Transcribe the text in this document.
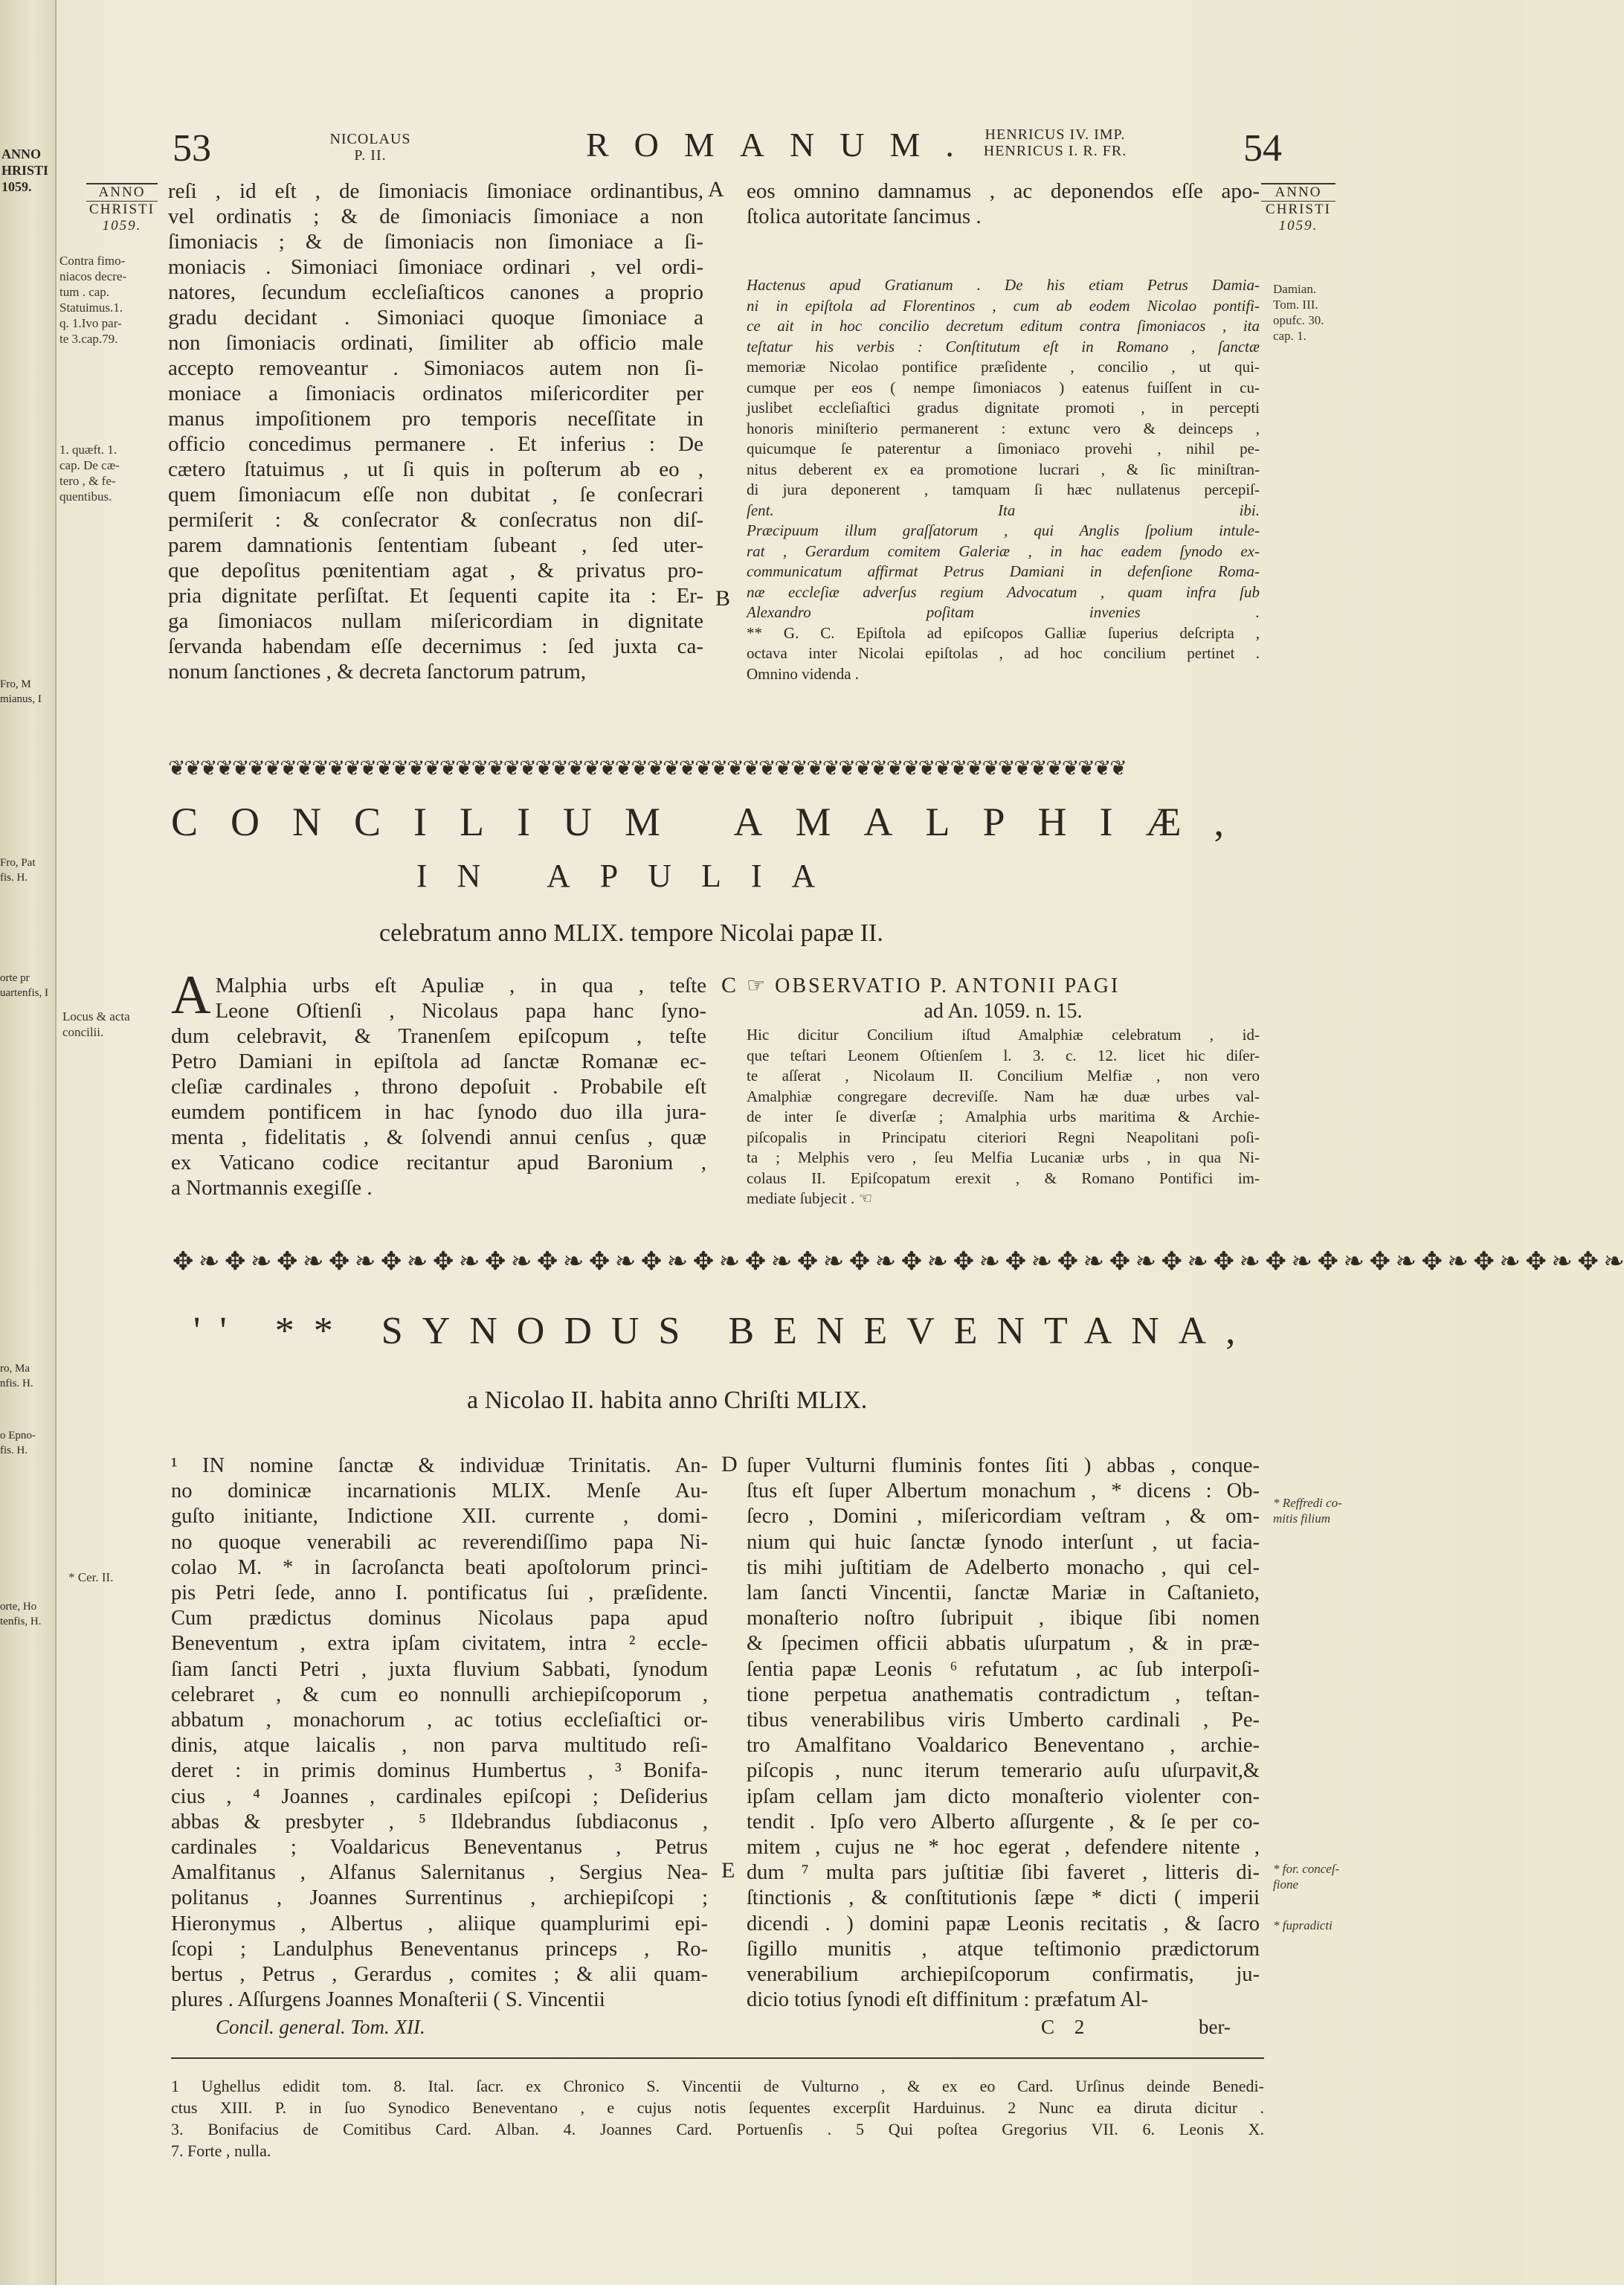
ANNO
HRISTI
1059.
Fro, M
mianus, I
Fro, Pat
fis. H.
orte pr
uartenfis, I
ro, Ma
nfis. H.
o Epno-
fis. H.
orte, Ho
tenfis, H.
53	NICOLAUS
P. II.	ROMANUM. HENRICUS IV. IMP.
HENRICUS I. R. FR.	54
ANNO
CHRISTI
1059.
ANNO
CHRISTI
1059.
Contra fimo-
niacos decre-
tum . cap.
Statuimus.1.
q. 1.Ivo par-
te 3.cap.79.
1. quæft. 1.
cap. De cæ-
tero , & fe-
quentibus.
Locus & acta
concilii.
* Cer. II.
Damian.
Tom. III.
opufc. 30.
cap. 1.
* Reffredi co-
mitis filium
* for. conceſ-
fione
* fupradicti
A
B
C
D
E
reſi , id eſt , de ſimoniacis ſimoniace ordinantibus,
vel ordinatis ; & de ſimoniacis ſimoniace a non
ſimoniacis ; & de ſimoniacis non ſimoniace a ſi-
moniacis . Simoniaci ſimoniace ordinari , vel ordi-
natores, ſecundum eccleſiaſticos canones a proprio
gradu decidant . Simoniaci quoque ſimoniace a
non ſimoniacis ordinati, ſimiliter ab officio male
accepto removeantur . Simoniacos autem non ſi-
moniace a ſimoniacis ordinatos miſericorditer per
manus impoſitionem pro temporis neceſſitate in
officio concedimus permanere . Et inferius : De
cætero ſtatuimus , ut ſi quis in poſterum ab eo ,
quem ſimoniacum eſſe non dubitat , ſe conſecrari
permiſerit : & conſecrator & conſecratus non diſ-
parem damnationis ſententiam ſubeant , ſed uter-
que depoſitus pœnitentiam agat , & privatus pro-
pria dignitate perſiſtat. Et ſequenti capite ita : Er-
ga ſimoniacos nullam miſericordiam in dignitate
ſervanda habendam eſſe decernimus : ſed juxta ca-
nonum ſanctiones , & decreta ſanctorum patrum,
eos omnino damnamus , ac deponendos eſſe apo-
ſtolica autoritate ſancimus .
Hactenus apud Gratianum . De his etiam Petrus Damia-
ni in epiſtola ad Florentinos , cum ab eodem Nicolao pontifi-
ce ait in hoc concilio decretum editum contra ſimoniacos , ita
teſtatur his verbis : Conſtitutum eſt in Romano , ſanctæ
memoriæ Nicolao pontifice præſidente , concilio , ut qui-
cumque per eos ( nempe ſimoniacos ) eatenus fuiſſent in cu-
juslibet eccleſiaſtici gradus dignitate promoti , in percepti
honoris miniſterio permanerent : extunc vero & deinceps ,
quicumque ſe paterentur a ſimoniaco provehi , nihil pe-
nitus deberent ex ea promotione lucrari , & ſic miniſtran-
di jura deponerent , tamquam ſi hæc nullatenus percepiſ-
ſent. Ita ibi.
Præcipuum illum graſſatorum , qui Anglis ſpolium intule-
rat , Gerardum comitem Galeriæ , in hac eadem ſynodo ex-
communicatum affirmat Petrus Damiani in defenſione Roma-
næ eccleſiæ adverſus regium Advocatum , quam infra ſub
Alexandro poſitam invenies .
** G. C. Epiſtola ad epiſcopos Galliæ ſuperius deſcripta ,
octava inter Nicolai epiſtolas , ad hoc concilium pertinet .
Omnino videnda .
❦❦❦❦❦❦❦❦❦❦❦❦❦❦❦❦❦❦❦❦❦❦❦❦❦❦❦❦❦❦❦❦❦❦❦❦❦❦❦❦❦❦❦❦❦❦❦❦❦❦❦❦❦❦❦❦❦❦❦❦
CONCILIUM AMALPHIÆ,
IN APULIA
celebratum anno MLIX. tempore Nicolai papæ II.
A Malphia urbs eſt Apuliæ , in qua , teſte
Leone Oſtienſi , Nicolaus papa hanc ſyno-
dum celebravit, & Tranenſem epiſcopum , teſte
Petro Damiani in epiſtola ad ſanctæ Romanæ ec-
cleſiæ cardinales , throno depoſuit . Probabile eſt
eumdem pontificem in hac ſynodo duo illa jura-
menta , fidelitatis , & ſolvendi annui cenſus , quæ
ex Vaticano codice recitantur apud Baronium ,
a Nortmannis exegiſſe .
☞ OBSERVATIO P. ANTONII PAGI
ad An. 1059. n. 15.
Hic dicitur Concilium iſtud Amalphiæ celebratum , id-
que teſtari Leonem Oſtienſem l. 3. c. 12. licet hic diſer-
te aſſerat , Nicolaum II. Concilium Melfiæ , non vero
Amalphiæ congregare decreviſſe. Nam hæ duæ urbes val-
de inter ſe diverſæ ; Amalphia urbs maritima & Archie-
piſcopalis in Principatu citeriori Regni Neapolitani poſi-
ta ; Melphis vero , ſeu Melfia Lucaniæ urbs , in qua Ni-
colaus II. Epiſcopatum erexit , & Romano Pontifici im-
mediate ſubjecit . ☜
✥ ❧ ✥ ❧ ✥ ❧ ✥ ❧ ✥ ❧ ✥ ❧ ✥ ❧ ✥ ❧ ✥ ❧ ✥ ❧ ✥ ❧ ✥ ❧ ✥ ❧ ✥ ❧ ✥ ❧ ✥ ❧ ✥ ❧ ✥ ❧ ✥ ❧ ✥ ❧ ✥ ❧ ✥ ❧ ✥ ❧ ✥ ❧ ✥ ❧ ✥ ❧ ✥ ❧ ✥ ❧
'' ** SYNODUS BENEVENTANA,
a Nicolao II. habita anno Chriſti MLIX.
¹ IN nomine ſanctæ & individuæ Trinitatis. An-
no dominicæ incarnationis MLIX. Menſe Au-
guſto initiante, Indictione XII. currente , domi-
no quoque venerabili ac reverendiſſimo papa Ni-
colao M. * in ſacroſancta beati apoſtolorum princi-
pis Petri ſede, anno I. pontificatus ſui , præſidente.
Cum prædictus dominus Nicolaus papa apud
Beneventum , extra ipſam civitatem, intra ² eccle-
ſiam ſancti Petri , juxta fluvium Sabbati, ſynodum
celebraret , & cum eo nonnulli archiepiſcoporum ,
abbatum , monachorum , ac totius eccleſiaſtici or-
dinis, atque laicalis , non parva multitudo reſi-
deret : in primis dominus Humbertus , ³ Bonifa-
cius , ⁴ Joannes , cardinales epiſcopi ; Deſiderius
abbas & presbyter , ⁵ Ildebrandus ſubdiaconus ,
cardinales ; Voaldaricus Beneventanus , Petrus
Amalfitanus , Alfanus Salernitanus , Sergius Nea-
politanus , Joannes Surrentinus , archiepiſcopi ;
Hieronymus , Albertus , aliique quamplurimi epi-
ſcopi ; Landulphus Beneventanus princeps , Ro-
bertus , Petrus , Gerardus , comites ; & alii quam-
plures . Aſſurgens Joannes Monaſterii ( S. Vincentii
ſuper Vulturni fluminis fontes ſiti ) abbas , conque-
ſtus eſt ſuper Albertum monachum , * dicens : Ob-
ſecro , Domini , miſericordiam veſtram , & om-
nium qui huic ſanctæ ſynodo interſunt , ut facia-
tis mihi juſtitiam de Adelberto monacho , qui cel-
lam ſancti Vincentii, ſanctæ Mariæ in Caſtanieto,
monaſterio noſtro ſubripuit , ibique ſibi nomen
& ſpecimen officii abbatis uſurpatum , & in præ-
ſentia papæ Leonis ⁶ refutatum , ac ſub interpoſi-
tione perpetua anathematis contradictum , teſtan-
tibus venerabilibus viris Umberto cardinali , Pe-
tro Amalfitano Voaldarico Beneventano , archie-
piſcopis , nunc iterum temerario auſu uſurpavit,&
ipſam cellam jam dicto monaſterio violenter con-
tendit . Ipſo vero Alberto aſſurgente , & ſe per co-
mitem , cujus ne * hoc egerat , defendere nitente ,
dum ⁷ multa pars juſtitiæ ſibi faveret , litteris di-
ſtinctionis , & conſtitutionis ſæpe * dicti ( imperii
dicendi . ) domini papæ Leonis recitatis , & ſacro
ſigillo munitis , atque teſtimonio prædictorum
venerabilium archiepiſcoporum confirmatis, ju-
dicio totius ſynodi eſt diffinitum : præfatum Al-
Concil. general. Tom. XII.	C 2	ber-
1 Ughellus edidit tom. 8. Ital. ſacr. ex Chronico S. Vincentii de Vulturno , & ex eo Card. Urſinus deinde Benedi-
ctus XIII. P. in ſuo Synodico Beneventano , e cujus notis ſequentes excerpſit Harduinus. 2 Nunc ea diruta dicitur .
3. Bonifacius de Comitibus Card. Alban. 4. Joannes Card. Portuenſis . 5 Qui poſtea Gregorius VII. 6. Leonis X.
7. Forte , nulla.
